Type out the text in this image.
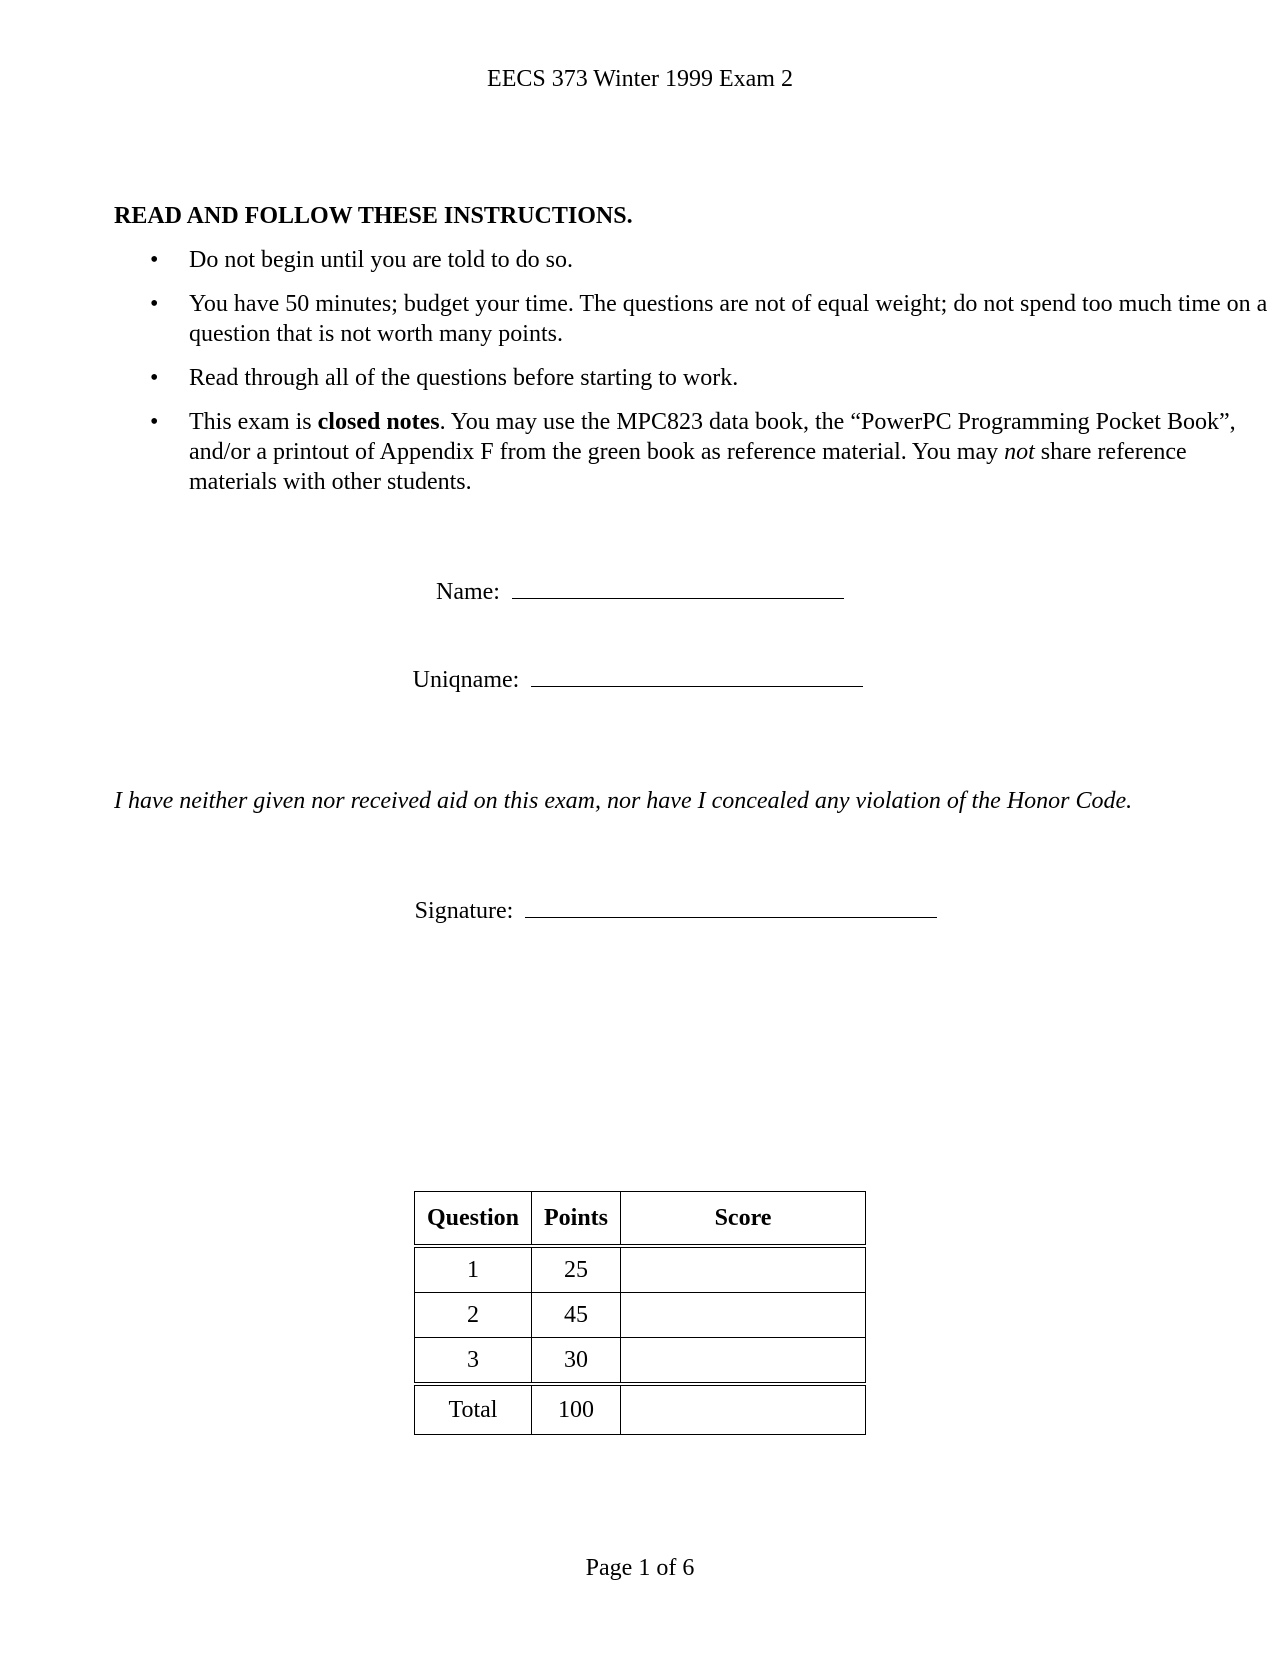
EECS 373 Winter 1999 Exam 2
READ AND FOLLOW THESE INSTRUCTIONS.
• Do not begin until you are told to do so.
• You have 50 minutes; budget your time. The questions are not of equal weight; do not spend too much time on a question that is not worth many points.
• Read through all of the questions before starting to work.
• This exam is closed notes. You may use the MPC823 data book, the “PowerPC Programming Pocket Book”, and/or a printout of Appendix F from the green book as reference material. You may not share reference materials with other students.
Name:
Uniqname:
I have neither given nor received aid on this exam, nor have I concealed any violation of the Honor Code.
Signature:
Question	Points	Score
1	25	
2	45	
3	30	
Total	100	
Page 1 of 6
